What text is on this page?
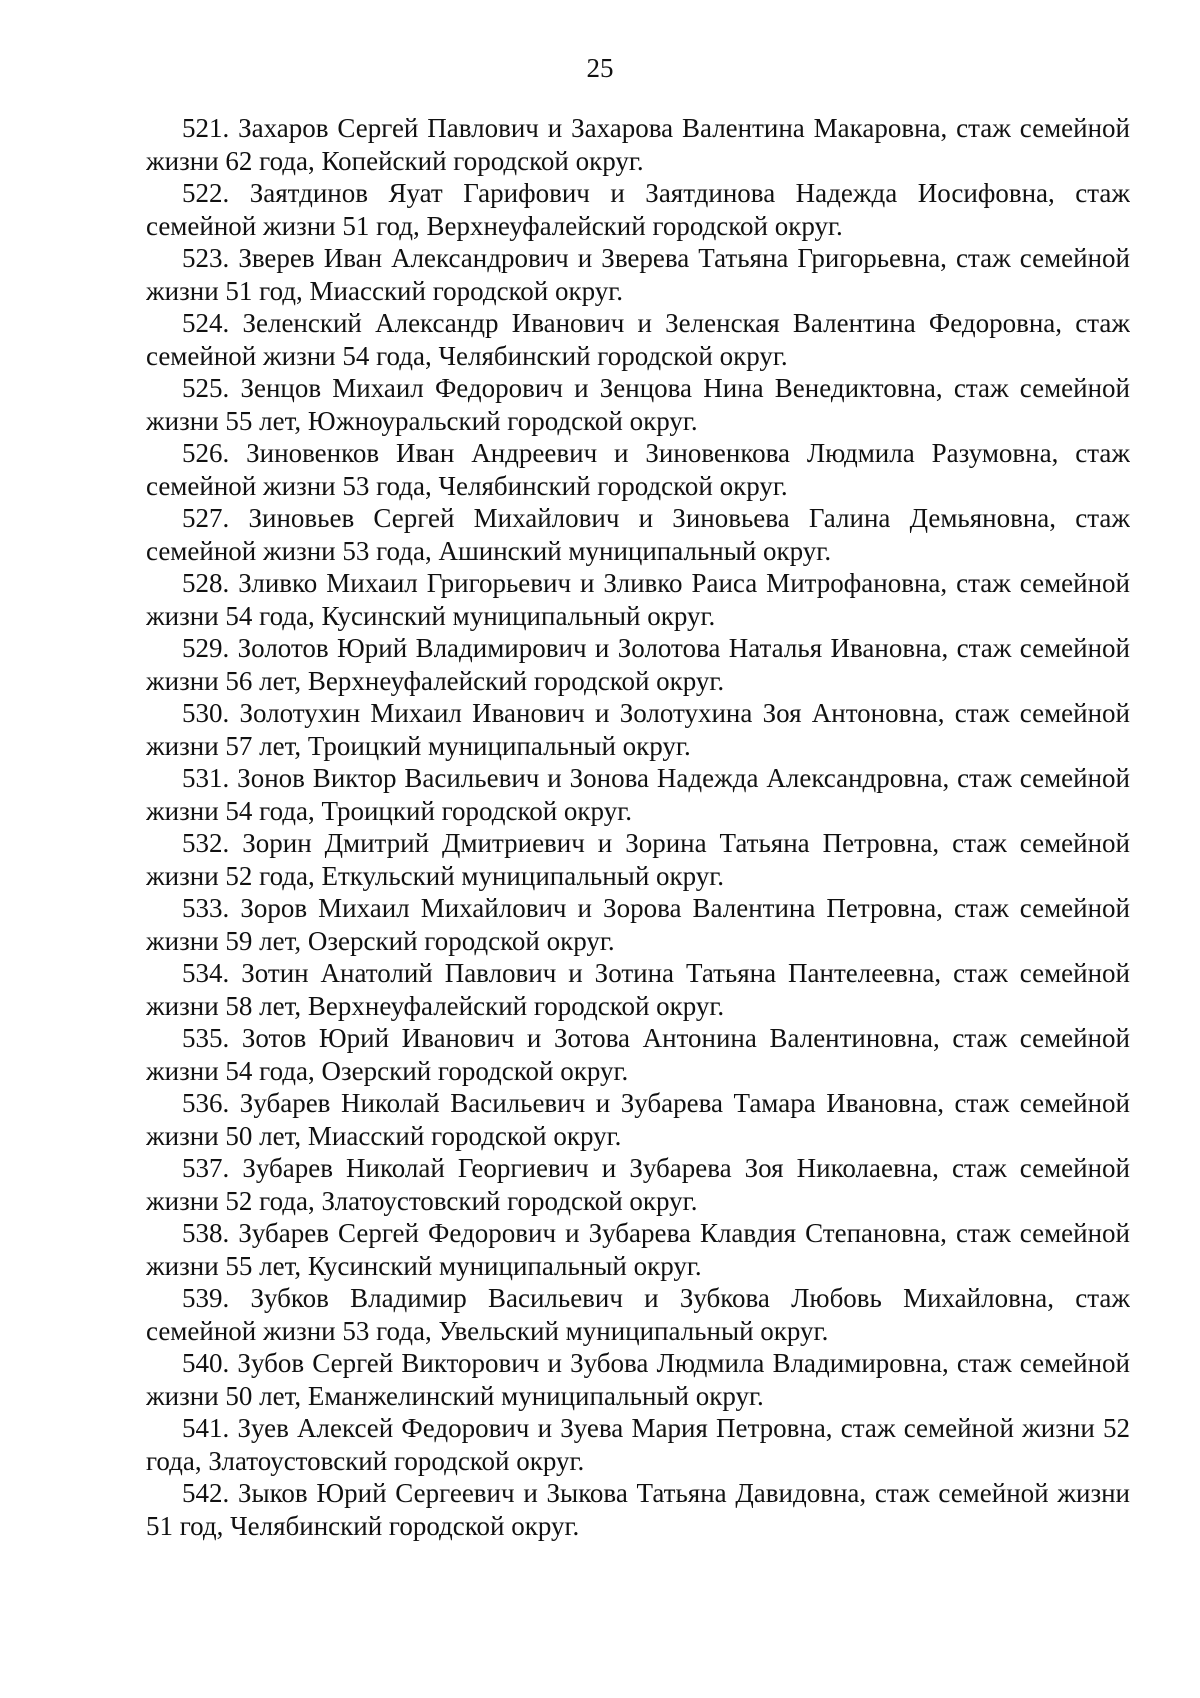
25

521. Захаров Сергей Павлович и Захарова Валентина Макаровна, стаж семейной жизни 62 года, Копейский городской округ.

522. Заятдинов Яуат Гарифович и Заятдинова Надежда Иосифовна, стаж семейной жизни 51 год, Верхнеуфалейский городской округ.

523. Зверев Иван Александрович и Зверева Татьяна Григорьевна, стаж семейной жизни 51 год, Миасский городской округ.

524. Зеленский Александр Иванович и Зеленская Валентина Федоровна, стаж семейной жизни 54 года, Челябинский городской округ.

525. Зенцов Михаил Федорович и Зенцова Нина Венедиктовна, стаж семейной жизни 55 лет, Южноуральский городской округ.

526. Зиновенков Иван Андреевич и Зиновенкова Людмила Разумовна, стаж семейной жизни 53 года, Челябинский городской округ.

527. Зиновьев Сергей Михайлович и Зиновьева Галина Демьяновна, стаж семейной жизни 53 года, Ашинский муниципальный округ.

528. Зливко Михаил Григорьевич и Зливко Раиса Митрофановна, стаж семейной жизни 54 года, Кусинский муниципальный округ.

529. Золотов Юрий Владимирович и Золотова Наталья Ивановна, стаж семейной жизни 56 лет, Верхнеуфалейский городской округ.

530. Золотухин Михаил Иванович и Золотухина Зоя Антоновна, стаж семейной жизни 57 лет, Троицкий муниципальный округ.

531. Зонов Виктор Васильевич и Зонова Надежда Александровна, стаж семейной жизни 54 года, Троицкий городской округ.

532. Зорин Дмитрий Дмитриевич и Зорина Татьяна Петровна, стаж семейной жизни 52 года, Еткульский муниципальный округ.

533. Зоров Михаил Михайлович и Зорова Валентина Петровна, стаж семейной жизни 59 лет, Озерский городской округ.

534. Зотин Анатолий Павлович и Зотина Татьяна Пантелеевна, стаж семейной жизни 58 лет, Верхнеуфалейский городской округ.

535. Зотов Юрий Иванович и Зотова Антонина Валентиновна, стаж семейной жизни 54 года, Озерский городской округ.

536. Зубарев Николай Васильевич и Зубарева Тамара Ивановна, стаж семейной жизни 50 лет, Миасский городской округ.

537. Зубарев Николай Георгиевич и Зубарева Зоя Николаевна, стаж семейной жизни 52 года, Златоустовский городской округ.

538. Зубарев Сергей Федорович и Зубарева Клавдия Степановна, стаж семейной жизни 55 лет, Кусинский муниципальный округ.

539. Зубков Владимир Васильевич и Зубкова Любовь Михайловна, стаж семейной жизни 53 года, Увельский муниципальный округ.

540. Зубов Сергей Викторович и Зубова Людмила Владимировна, стаж семейной жизни 50 лет, Еманжелинский муниципальный округ.

541. Зуев Алексей Федорович и Зуева Мария Петровна, стаж семейной жизни 52 года, Златоустовский городской округ.

542. Зыков Юрий Сергеевич и Зыкова Татьяна Давидовна, стаж семейной жизни 51 год, Челябинский городской округ.
